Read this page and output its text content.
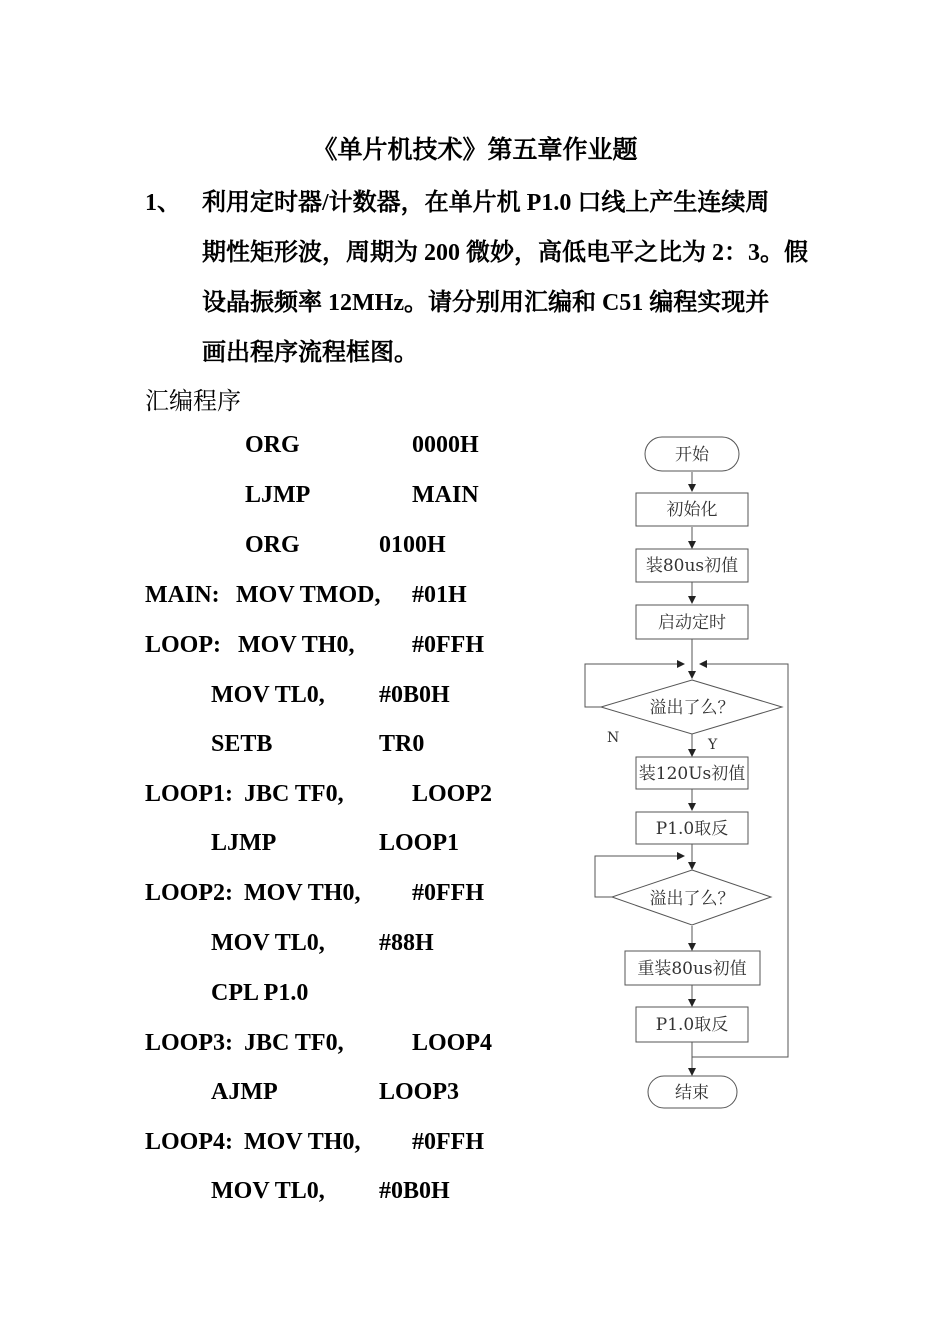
《单片机技术》第五章作业题
1、 利用定时器/计数器，在单片机 P1.0 口线上产生连续周
期性矩形波，周期为 200 微妙，高低电平之比为 2：3。假
设晶振频率 12MHz。请分别用汇编和 C51 编程实现并
画出程序流程框图。
汇编程序
ORG	0000H
LJMP	MAIN
ORG	0100H
MAIN: MOV TMOD, #01H
LOOP: MOV TH0, #0FFH
MOV TL0, #0B0H
SETB	TR0
LOOP1: JBC TF0,	LOOP2
LJMP	LOOP1
LOOP2: MOV TH0, #0FFH
MOV TL0, #88H
CPL P1.0
LOOP3: JBC TF0,	LOOP4
AJMP	LOOP3
LOOP4: MOV TH0, #0FFH
MOV TL0, #0B0H
开始
初始化
装80us初值
启动定时
溢出了么？
装120Us初值
P1.0取反
溢出了么？
重装80us初值
P1.0取反
结束
N	Y
